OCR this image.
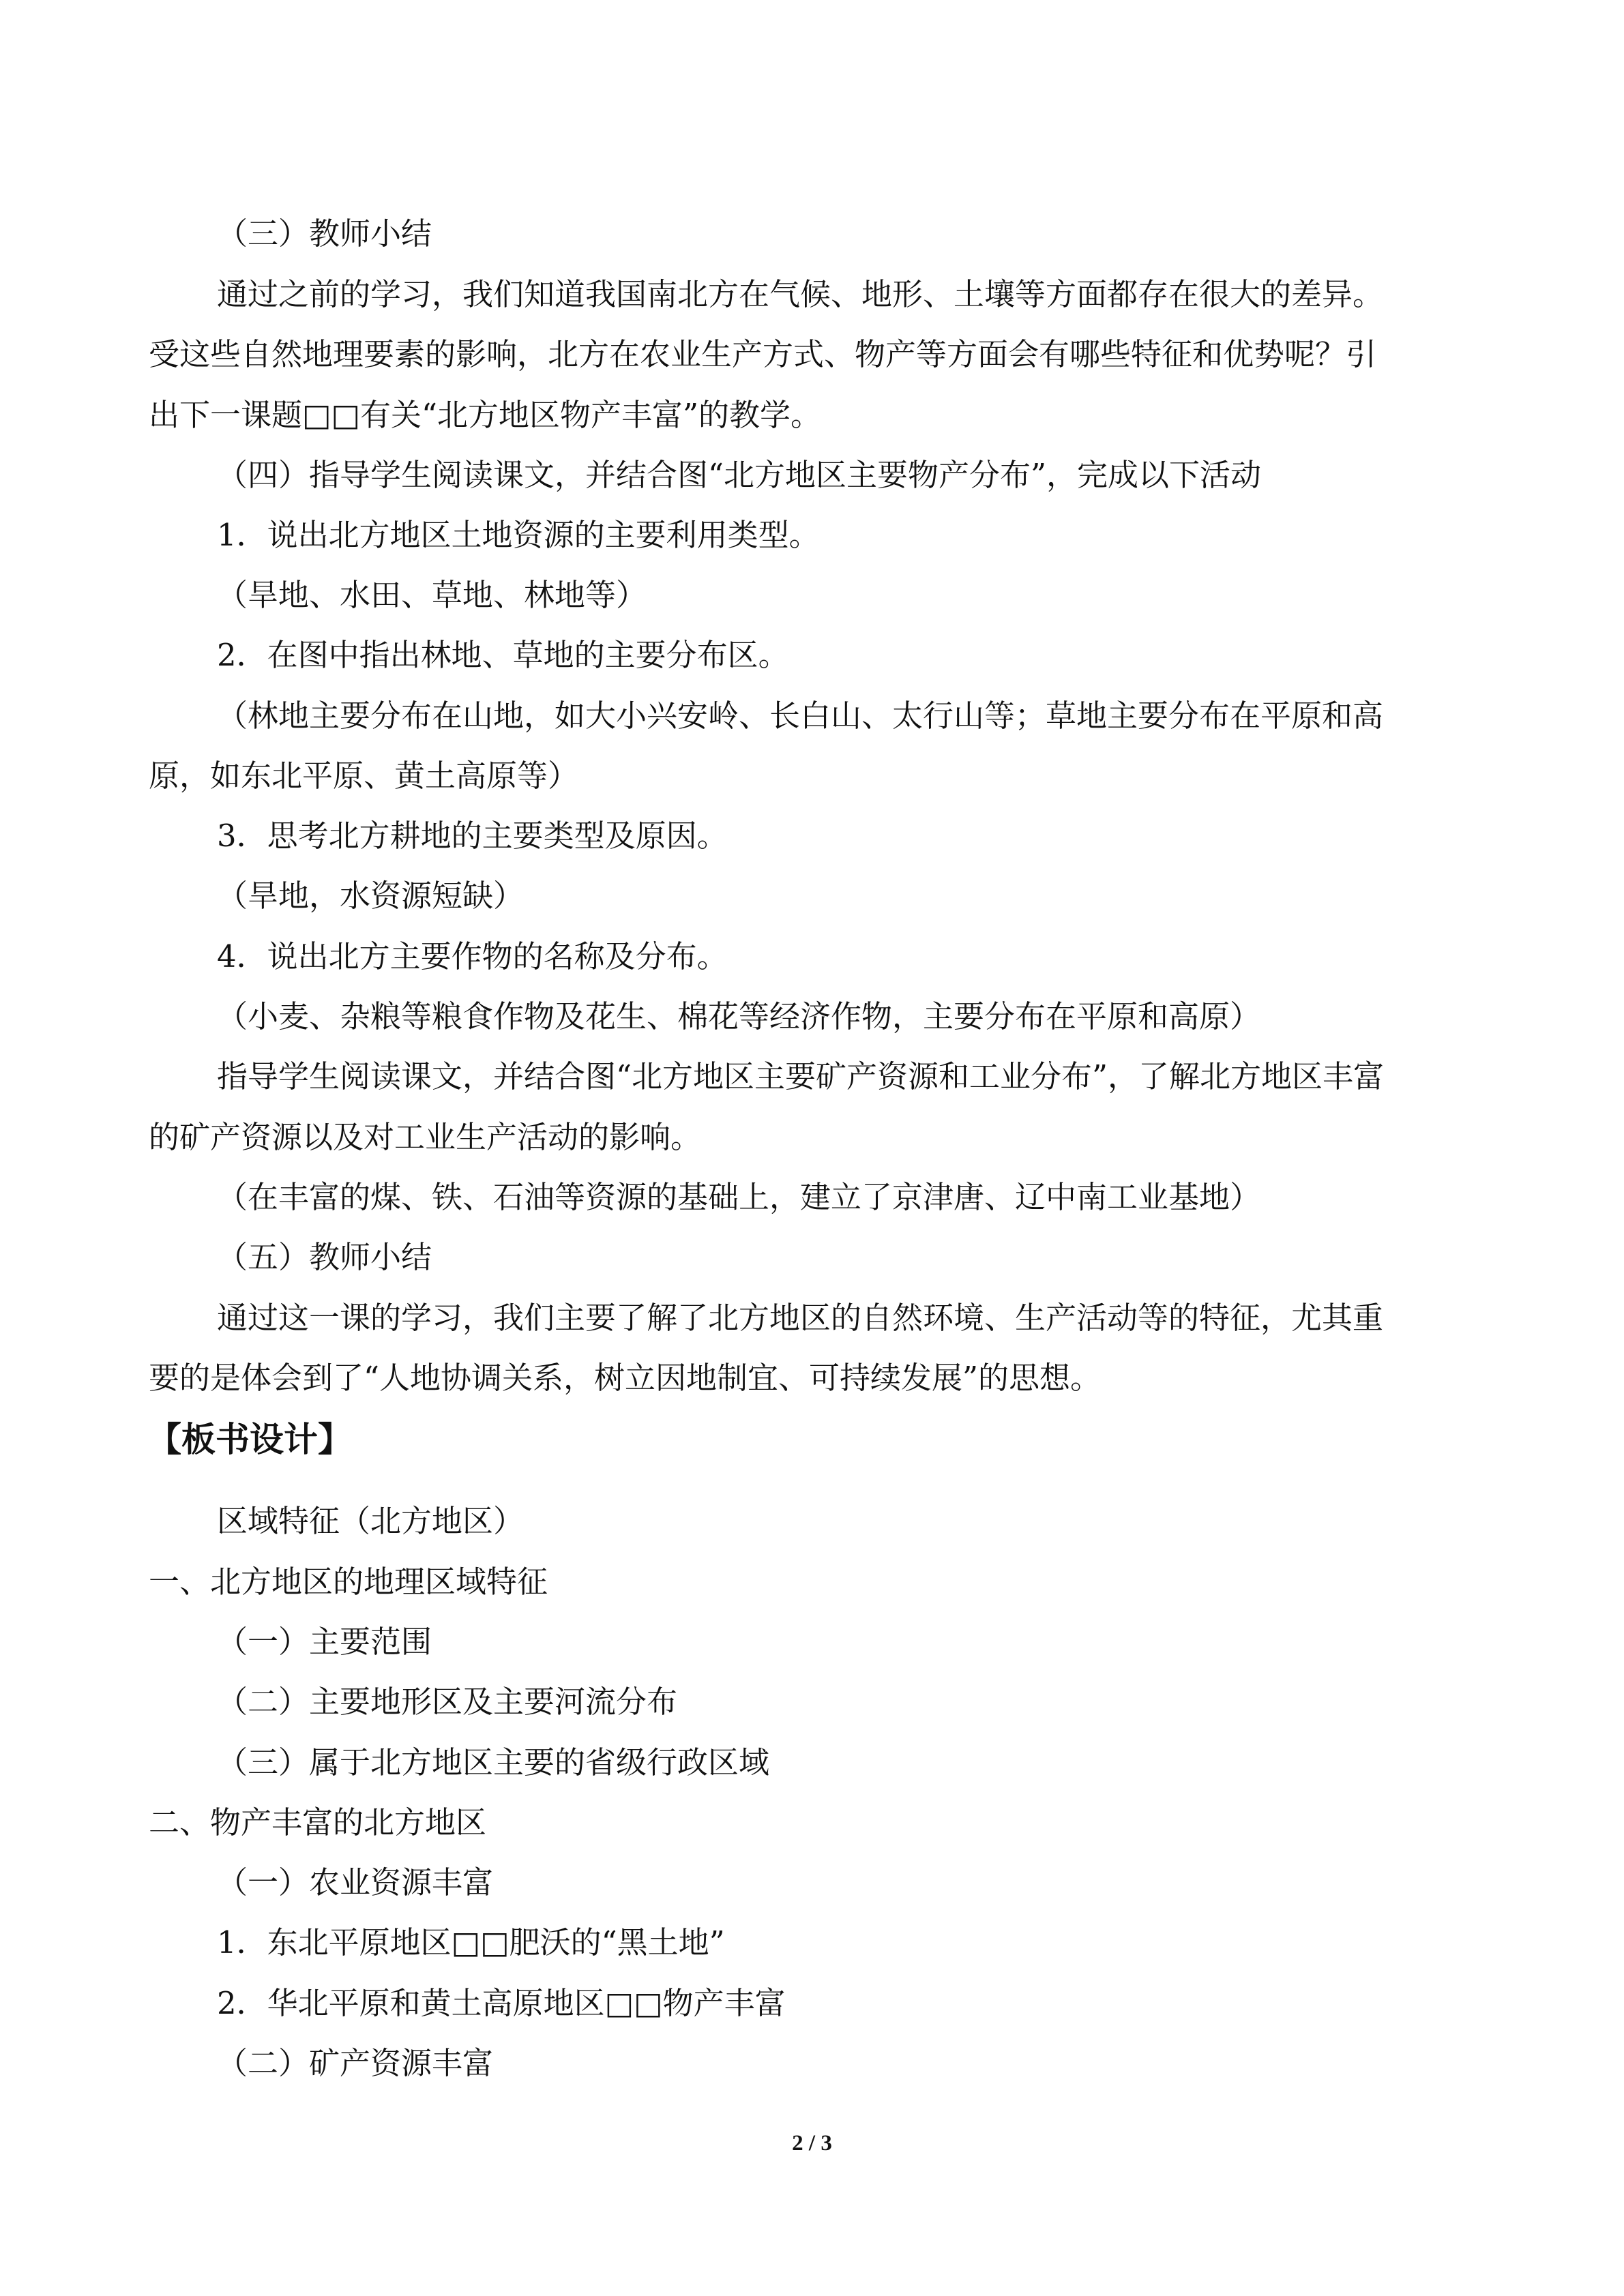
（三）教师小结
通过之前的学习，我们知道我国南北方在气候、地形、土壤等方面都存在很大的差异。
受这些自然地理要素的影响，北方在农业生产方式、物产等方面会有哪些特征和优势呢？引
出下一课题□□有关“北方地区物产丰富”的教学。
（四）指导学生阅读课文，并结合图“北方地区主要物产分布”，完成以下活动
1．说出北方地区土地资源的主要利用类型。
（旱地、水田、草地、林地等）
2．在图中指出林地、草地的主要分布区。
（林地主要分布在山地，如大小兴安岭、长白山、太行山等；草地主要分布在平原和高
原，如东北平原、黄土高原等）
3．思考北方耕地的主要类型及原因。
（旱地，水资源短缺）
4．说出北方主要作物的名称及分布。
（小麦、杂粮等粮食作物及花生、棉花等经济作物，主要分布在平原和高原）
指导学生阅读课文，并结合图“北方地区主要矿产资源和工业分布”，了解北方地区丰富
的矿产资源以及对工业生产活动的影响。
（在丰富的煤、铁、石油等资源的基础上，建立了京津唐、辽中南工业基地）
（五）教师小结
通过这一课的学习，我们主要了解了北方地区的自然环境、生产活动等的特征，尤其重
要的是体会到了“人地协调关系，树立因地制宜、可持续发展”的思想。
【板书设计】
区域特征（北方地区）
一、北方地区的地理区域特征
（一）主要范围
（二）主要地形区及主要河流分布
（三）属于北方地区主要的省级行政区域
二、物产丰富的北方地区
（一）农业资源丰富
1．东北平原地区□□肥沃的“黑土地”
2．华北平原和黄土高原地区□□物产丰富
（二）矿产资源丰富
2 / 3
